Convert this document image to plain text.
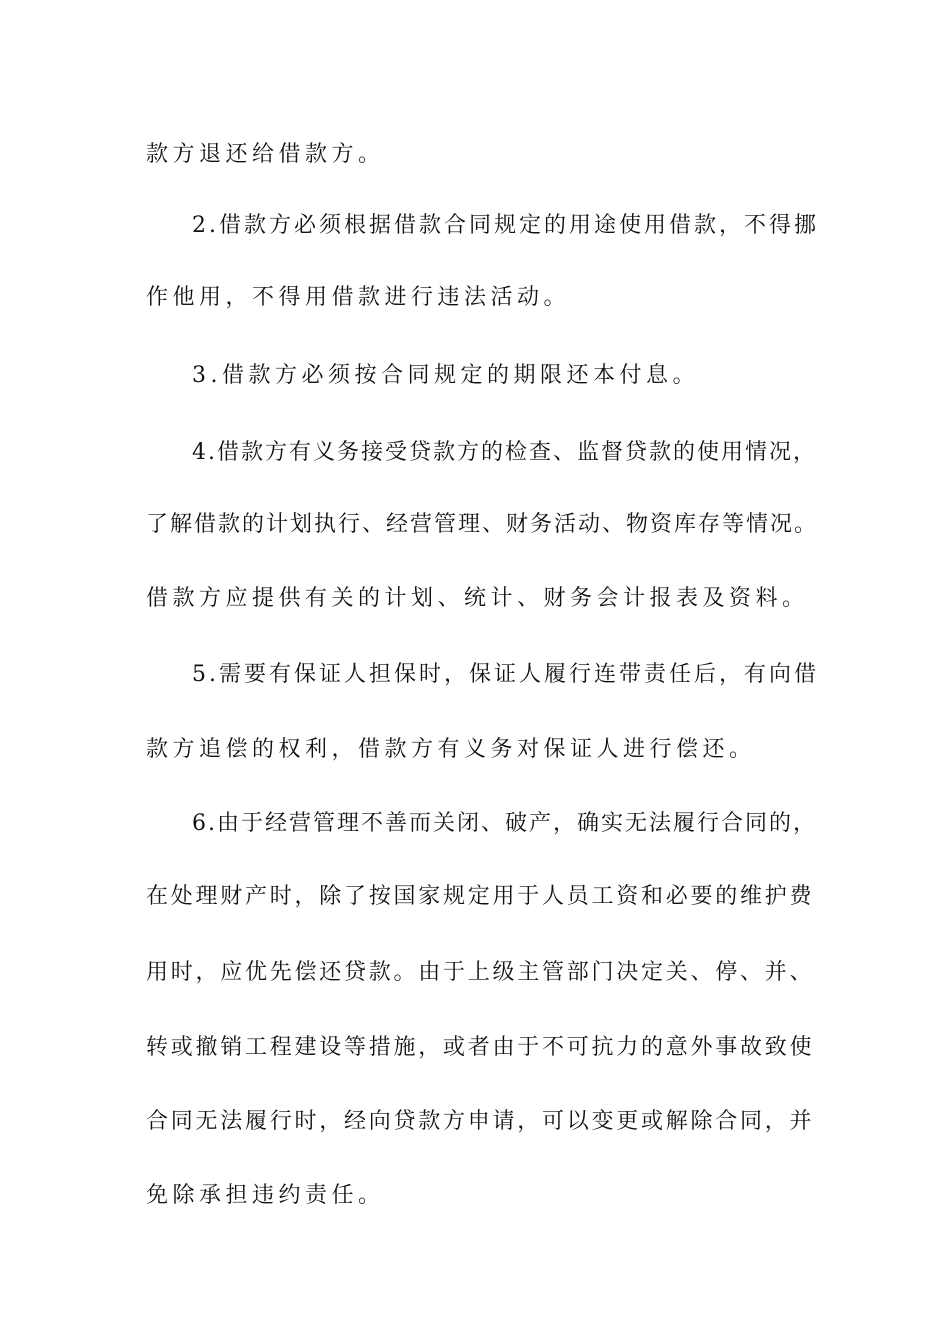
款方退还给借款方。
2.借款方必须根据借款合同规定的用途使用借款，不得挪
作他用，不得用借款进行违法活动。
3.借款方必须按合同规定的期限还本付息。
4.借款方有义务接受贷款方的检查、监督贷款的使用情况，
了解借款的计划执行、经营管理、财务活动、物资库存等情况。
借款方应提供有关的计划、统计、财务会计报表及资料。
5.需要有保证人担保时，保证人履行连带责任后，有向借
款方追偿的权利，借款方有义务对保证人进行偿还。
6.由于经营管理不善而关闭、破产，确实无法履行合同的，
在处理财产时，除了按国家规定用于人员工资和必要的维护费
用时，应优先偿还贷款。由于上级主管部门决定关、停、并、
转或撤销工程建设等措施，或者由于不可抗力的意外事故致使
合同无法履行时，经向贷款方申请，可以变更或解除合同，并
免除承担违约责任。
